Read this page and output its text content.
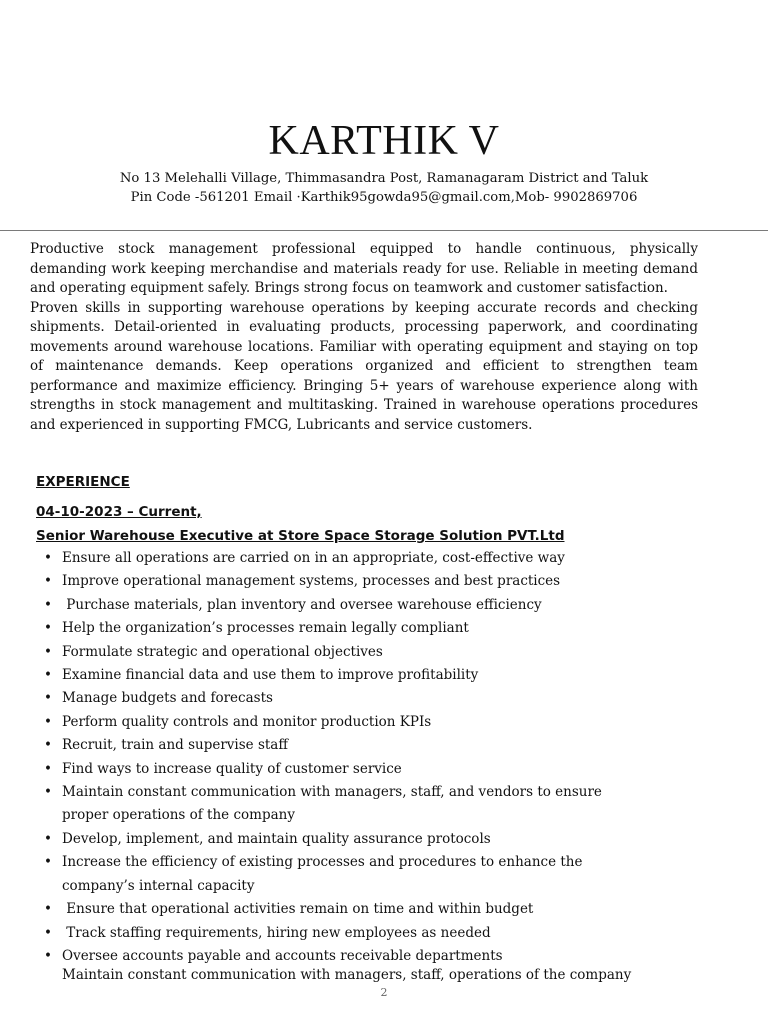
KARTHIK V
No 13 Melehalli Village, Thimmasandra Post, Ramanagaram District and Taluk
Pin Code -561201 Email ·Karthik95gowda95@gmail.com,Mob- 9902869706

Productive stock management professional equipped to handle continuous, physically demanding work keeping merchandise and materials ready for use. Reliable in meeting demand and operating equipment safely. Brings strong focus on teamwork and customer satisfaction.

Proven skills in supporting warehouse operations by keeping accurate records and checking shipments. Detail-oriented in evaluating products, processing paperwork, and coordinating movements around warehouse locations. Familiar with operating equipment and staying on top of maintenance demands. Keep operations organized and efficient to strengthen team performance and maximize efficiency. Bringing 5+ years of warehouse experience along with strengths in stock management and multitasking. Trained in warehouse operations procedures and experienced in supporting FMCG, Lubricants and service customers.

EXPERIENCE
04-10-2023 – Current,
Senior Warehouse Executive at Store Space Storage Solution PVT.Ltd
• Ensure all operations are carried on in an appropriate, cost-effective way
• Improve operational management systems, processes and best practices
• Purchase materials, plan inventory and oversee warehouse efficiency
• Help the organization’s processes remain legally compliant
• Formulate strategic and operational objectives
• Examine financial data and use them to improve profitability
• Manage budgets and forecasts
• Perform quality controls and monitor production KPIs
• Recruit, train and supervise staff
• Find ways to increase quality of customer service
• Maintain constant communication with managers, staff, and vendors to ensure proper operations of the company
• Develop, implement, and maintain quality assurance protocols
• Increase the efficiency of existing processes and procedures to enhance the company’s internal capacity
• Ensure that operational activities remain on time and within budget
• Track staffing requirements, hiring new employees as needed
• Oversee accounts payable and accounts receivable departments
Maintain constant communication with managers, staff, operations of the company
2
